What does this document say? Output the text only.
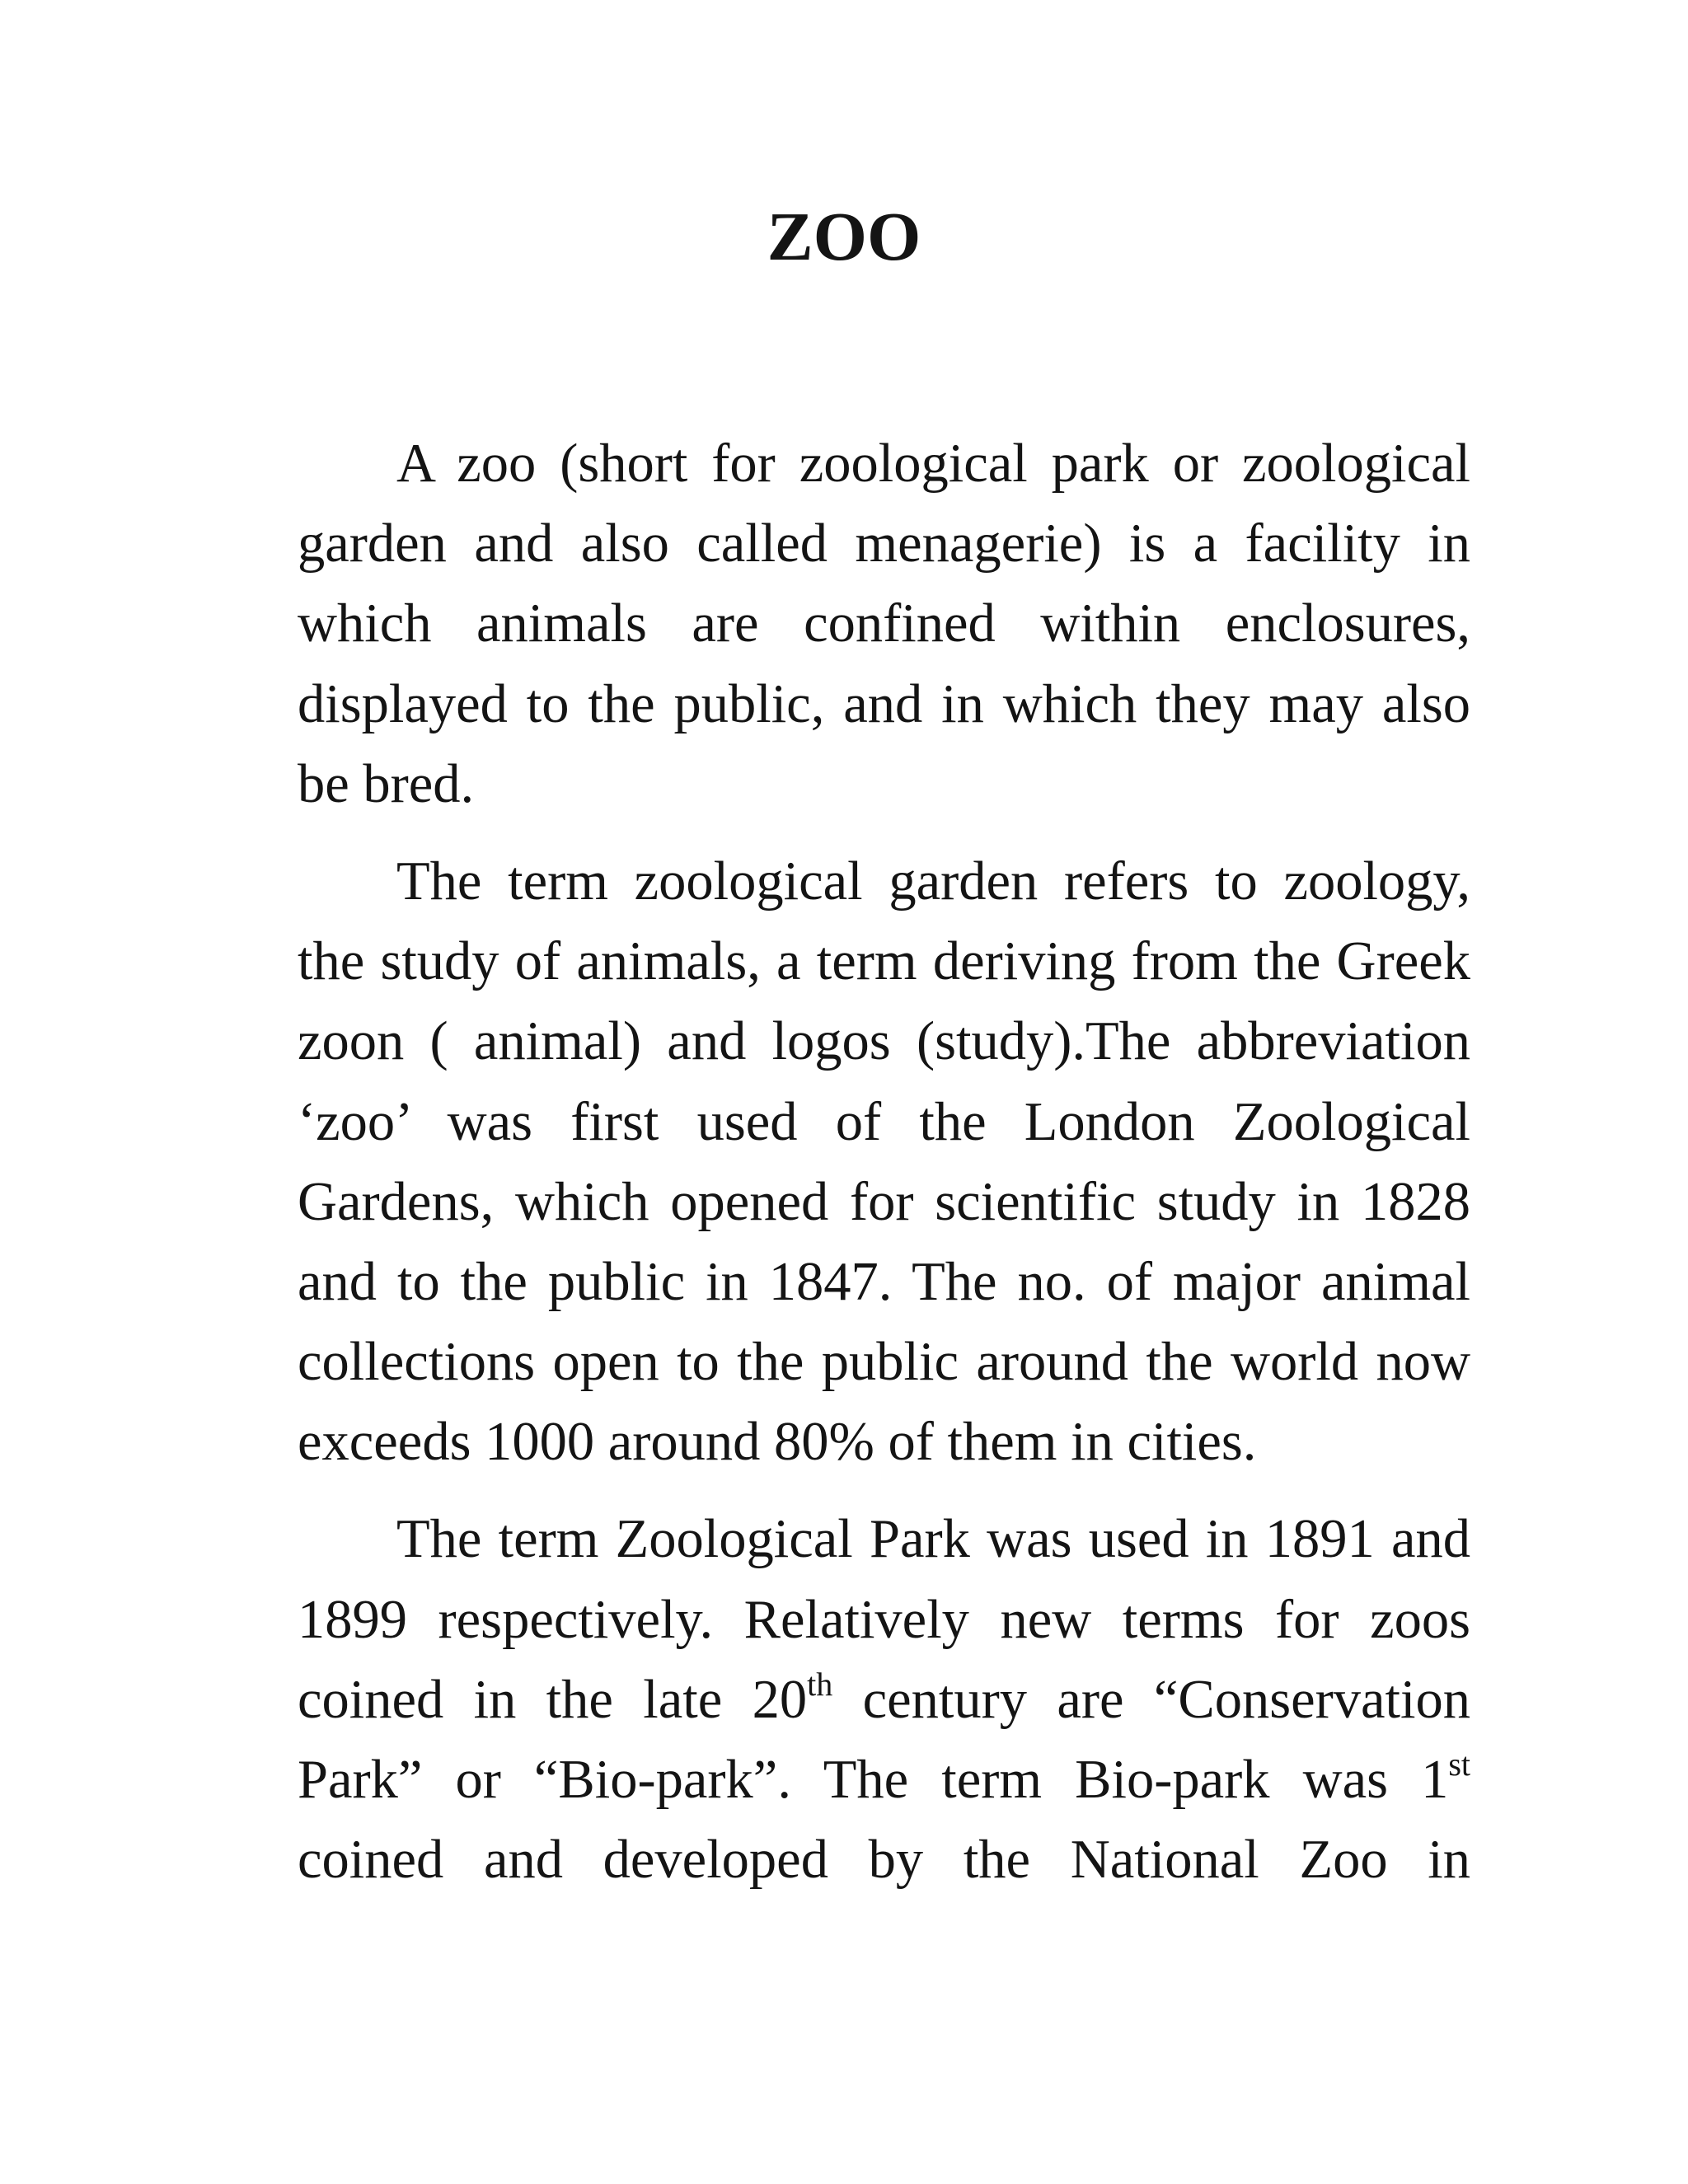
ZOO
A zoo (short for zoological park or zoological
garden and also called menagerie) is a facility in
which animals are confined within enclosures,
displayed to the public, and in which they may also
be bred.
The term zoological garden refers to zoology,
the study of animals, a term deriving from the Greek
zoon ( animal) and logos (study).The abbreviation
‘zoo’ was first used of the London Zoological
Gardens, which opened for scientific study in 1828
and to the public in 1847. The no. of major animal
collections open to the public around the world now
exceeds 1000 around 80% of them in cities.
The term Zoological Park was used in 1891 and
1899 respectively. Relatively new terms for zoos
coined in the late 20th century are “Conservation
Park” or “Bio-park”. The term Bio-park was 1st
coined and developed by the National Zoo in
